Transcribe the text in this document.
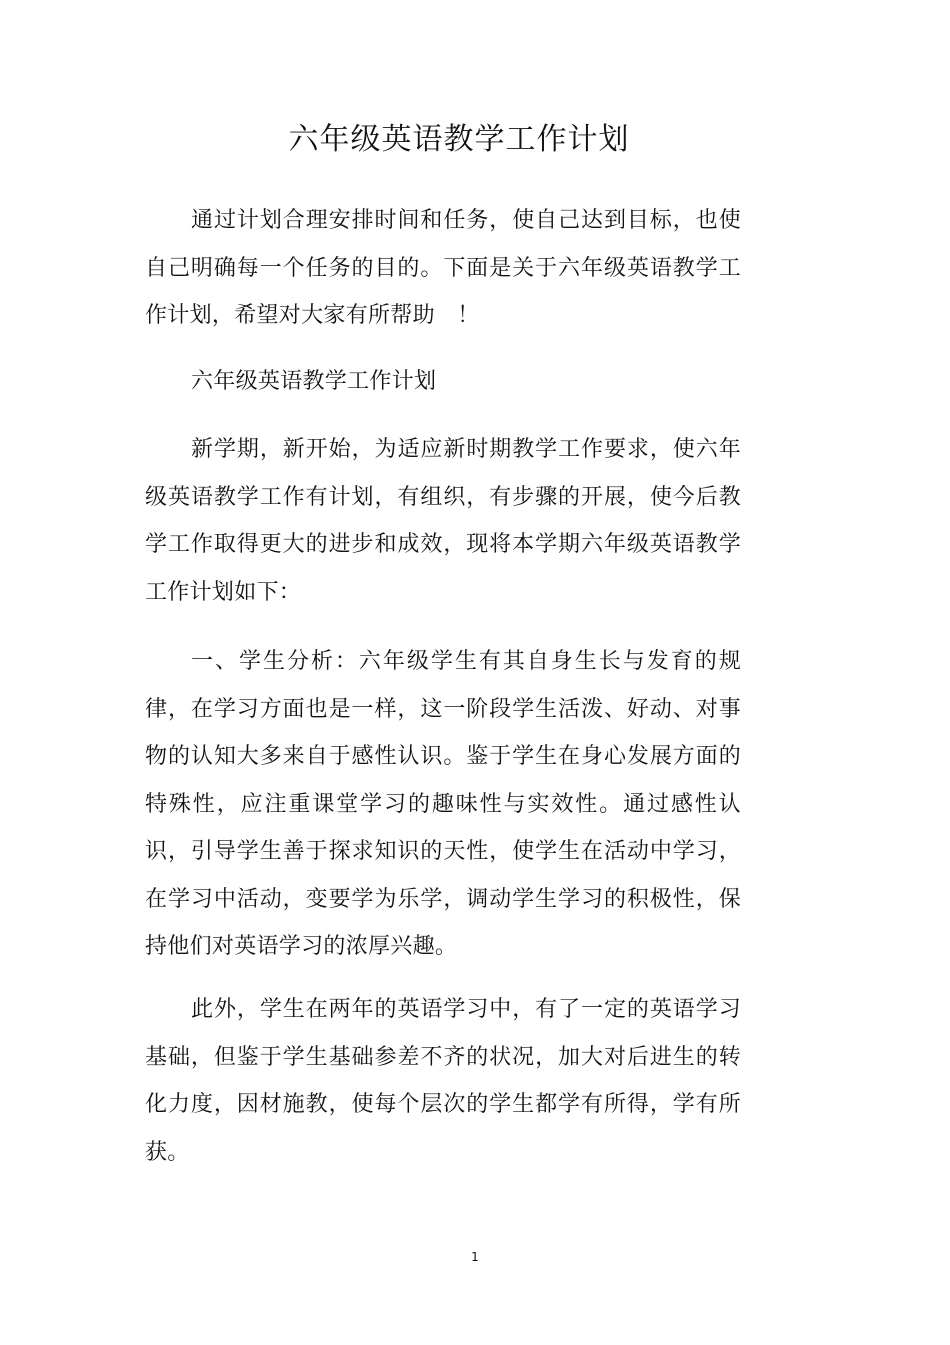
六年级英语教学工作计划

通过计划合理安排时间和任务，使自己达到目标，也使自己明确每一个任务的目的。下面是关于六年级英语教学工作计划，希望对大家有所帮助　！

六年级英语教学工作计划

新学期，新开始，为适应新时期教学工作要求，使六年级英语教学工作有计划，有组织，有步骤的开展，使今后教学工作取得更大的进步和成效，现将本学期六年级英语教学工作计划如下：

一、学生分析：六年级学生有其自身生长与发育的规律，在学习方面也是一样，这一阶段学生活泼、好动、对事物的认知大多来自于感性认识。鉴于学生在身心发展方面的特殊性，应注重课堂学习的趣味性与实效性。通过感性认识，引导学生善于探求知识的天性，使学生在活动中学习，在学习中活动，变要学为乐学，调动学生学习的积极性，保持他们对英语学习的浓厚兴趣。

此外，学生在两年的英语学习中，有了一定的英语学习基础，但鉴于学生基础参差不齐的状况，加大对后进生的转化力度，因材施教，使每个层次的学生都学有所得，学有所获。

1
